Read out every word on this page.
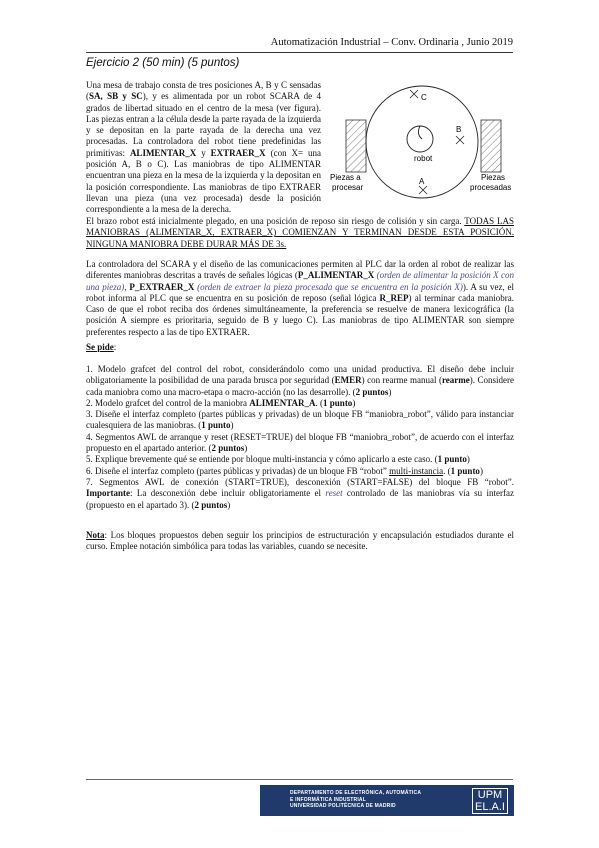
Automatización Industrial – Conv. Ordinaria , Junio 2019
Ejercicio 2 (50 min) (5 puntos)

Una mesa de trabajo consta de tres posiciones A, B y C sensadas (SA, SB y SC), y es alimentada por un robot SCARA de 4 grados de libertad situado en el centro de la mesa (ver figura). Las piezas entran a la célula desde la parte rayada de la izquierda y se depositan en la parte rayada de la derecha una vez procesadas. La controladora del robot tiene predefinidas las primitivas: ALIMENTAR_X y EXTRAER_X (con X= una posición A, B o C). Las maniobras de tipo ALIMENTAR encuentran una pieza en la mesa de la izquierda y la depositan en la posición correspondiente. Las maniobras de tipo EXTRAER llevan una pieza (una vez procesada) desde la posición correspondiente a la mesa de la derecha.

C
B
A
robot
Piezas a
procesar
Piezas
procesadas

El brazo robot está inicialmente plegado, en una posición de reposo sin riesgo de colisión y sin carga. TODAS LAS MANIOBRAS (ALIMENTAR_X, EXTRAER_X) COMIENZAN Y TERMINAN DESDE ESTA POSICIÓN. NINGUNA MANIOBRA DEBE DURAR MÁS DE 3s.

La controladora del SCARA y el diseño de las comunicaciones permiten al PLC dar la orden al robot de realizar las diferentes maniobras descritas a través de señales lógicas (P_ALIMENTAR_X (orden de alimentar la posición X con una pieza), P_EXTRAER_X (orden de extraer la pieza procesada que se encuentra en la posición X)). A su vez, el robot informa al PLC que se encuentra en su posición de reposo (señal lógica R_REP) al terminar cada maniobra. Caso de que el robot reciba dos órdenes simultáneamente, la preferencia se resuelve de manera lexicográfica (la posición A siempre es prioritaria, seguido de B y luego C). Las maniobras de tipo ALIMENTAR son siempre preferentes respecto a las de tipo EXTRAER.

Se pide:

1. Modelo grafcet del control del robot, considerándolo como una unidad productiva. El diseño debe incluir obligatoriamente la posibilidad de una parada brusca por seguridad (EMER) con rearme manual (rearme). Considere cada maniobra como una macro-etapa o macro-acción (no las desarrolle). (2 puntos)

2. Modelo grafcet del control de la maniobra ALIMENTAR_A. (1 punto)

3. Diseñe el interfaz completo (partes públicas y privadas) de un bloque FB “maniobra_robot”, válido para instanciar cualesquiera de las maniobras. (1 punto)

4. Segmentos AWL de arranque y reset (RESET=TRUE) del bloque FB “maniobra_robot”, de acuerdo con el interfaz propuesto en el apartado anterior. (2 puntos)

5. Explique brevemente qué se entiende por bloque multi-instancia y cómo aplicarlo a este caso. (1 punto)

6. Diseñe el interfaz completo (partes públicas y privadas) de un bloque FB “robot” multi-instancia. (1 punto)

7. Segmentos AWL de conexión (START=TRUE), desconexión (START=FALSE) del bloque FB “robot”. Importante: La desconexión debe incluir obligatoriamente el reset controlado de las maniobras vía su interfaz (propuesto en el apartado 3). (2 puntos)

Nota: Los bloques propuestos deben seguir los principios de estructuración y encapsulación estudiados durante el curso. Emplee notación simbólica para todas las variables, cuando se necesite.

DEPARTAMENTO DE ELECTRÓNICA, AUTOMÁTICA
E INFORMÁTICA INDUSTRIAL
UNIVERSIDAD POLITÉCNICA DE MADRID
UPM
EL.A.I
